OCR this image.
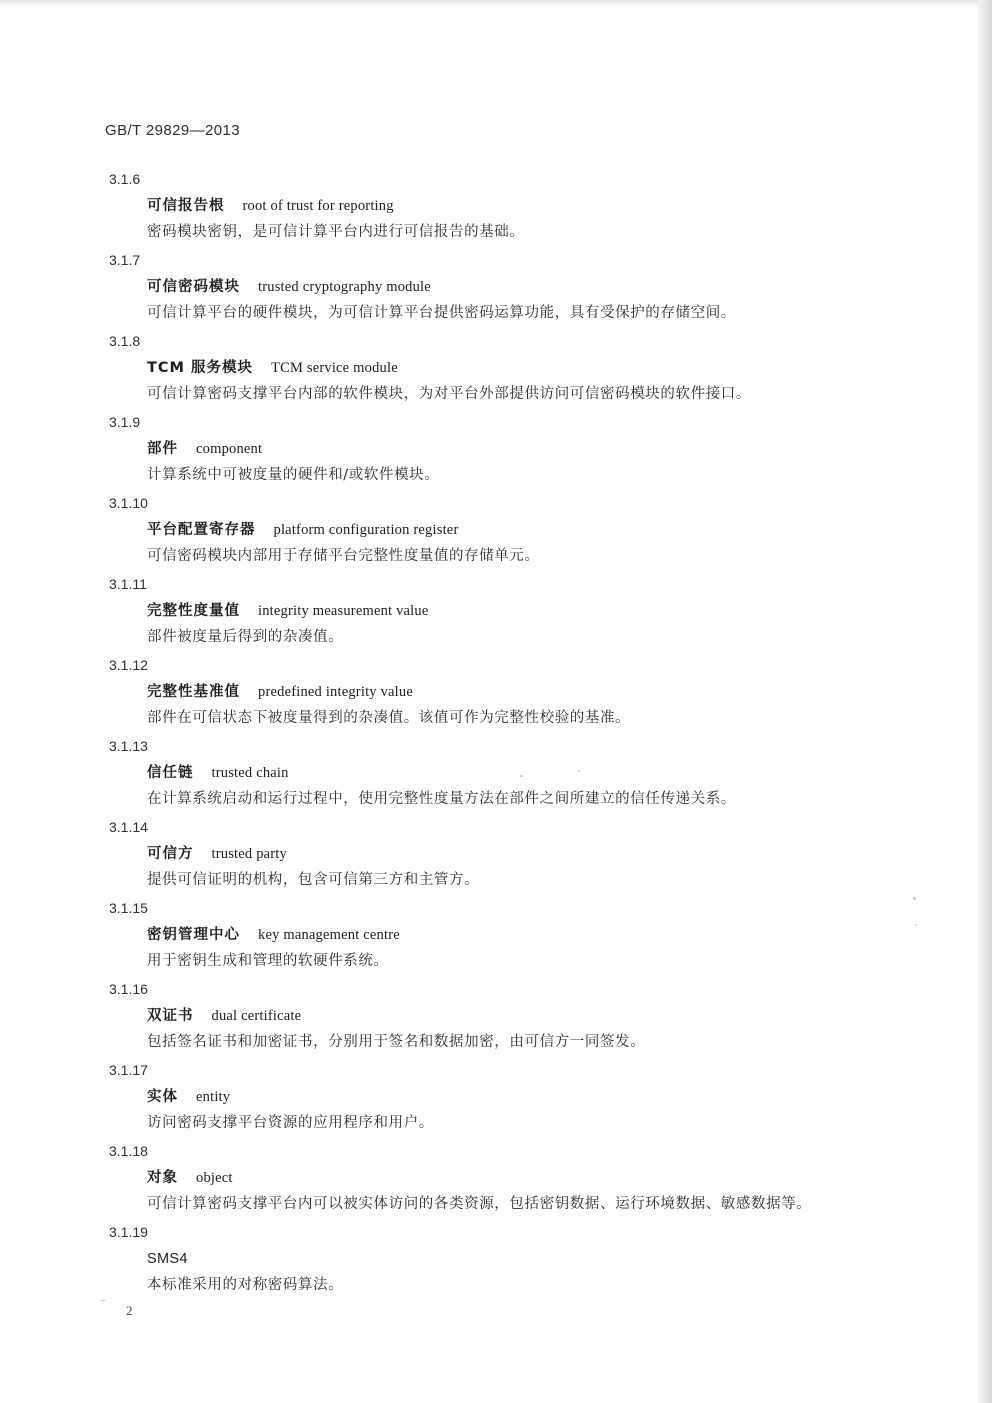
GB/T 29829—2013
3.1.6
可信报告根 root of trust for reporting
密码模块密钥，是可信计算平台内进行可信报告的基础。
3.1.7
可信密码模块 trusted cryptography module
可信计算平台的硬件模块，为可信计算平台提供密码运算功能，具有受保护的存储空间。
3.1.8
TCM 服务模块 TCM service module
可信计算密码支撑平台内部的软件模块，为对平台外部提供访问可信密码模块的软件接口。
3.1.9
部件 component
计算系统中可被度量的硬件和/或软件模块。
3.1.10
平台配置寄存器 platform configuration register
可信密码模块内部用于存储平台完整性度量值的存储单元。
3.1.11
完整性度量值 integrity measurement value
部件被度量后得到的杂凑值。
3.1.12
完整性基准值 predefined integrity value
部件在可信状态下被度量得到的杂凑值。该值可作为完整性校验的基准。
3.1.13
信任链 trusted chain
在计算系统启动和运行过程中，使用完整性度量方法在部件之间所建立的信任传递关系。
3.1.14
可信方 trusted party
提供可信证明的机构，包含可信第三方和主管方。
3.1.15
密钥管理中心 key management centre
用于密钥生成和管理的软硬件系统。
3.1.16
双证书 dual certificate
包括签名证书和加密证书，分别用于签名和数据加密，由可信方一同签发。
3.1.17
实体 entity
访问密码支撑平台资源的应用程序和用户。
3.1.18
对象 object
可信计算密码支撑平台内可以被实体访问的各类资源，包括密钥数据、运行环境数据、敏感数据等。
3.1.19
SMS4
本标准采用的对称密码算法。
2
